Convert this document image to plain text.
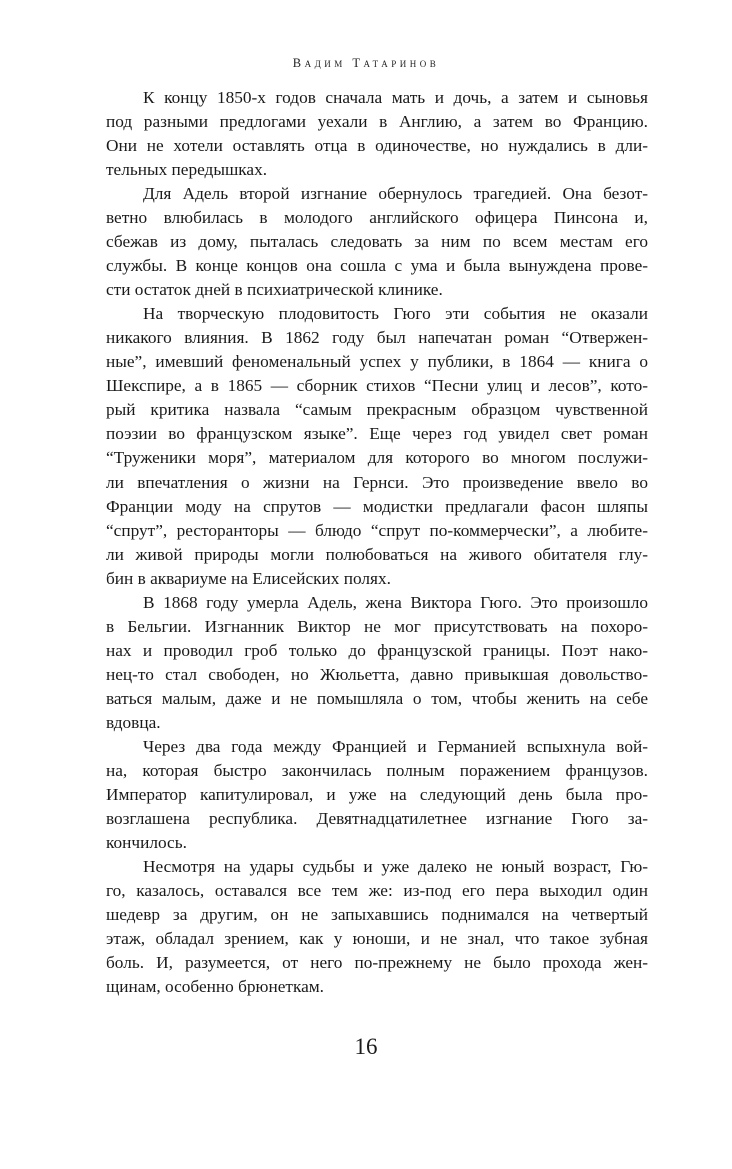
Вадим Татаринов
К концу 1850-х годов сначала мать и дочь, а затем и сыновья
под разными предлогами уехали в Англию, а затем во Францию.
Они не хотели оставлять отца в одиночестве, но нуждались в дли-
тельных передышках.
Для Адель второй изгнание обернулось трагедией. Она безот-
ветно влюбилась в молодого английского офицера Пинсона и,
сбежав из дому, пыталась следовать за ним по всем местам его
службы. В конце концов она сошла с ума и была вынуждена прове-
сти остаток дней в психиатрической клинике.
На творческую плодовитость Гюго эти события не оказали
никакого влияния. В 1862 году был напечатан роман “Отвержен-
ные”, имевший феноменальный успех у публики, в 1864 — книга о
Шекспире, а в 1865 — сборник стихов “Песни улиц и лесов”, кото-
рый критика назвала “самым прекрасным образцом чувственной
поэзии во французском языке”. Еще через год увидел свет роман
“Труженики моря”, материалом для которого во многом послужи-
ли впечатления о жизни на Гернси. Это произведение ввело во
Франции моду на спрутов — модистки предлагали фасон шляпы
“спрут”, ресторанторы — блюдо “спрут по-коммерчески”, а любите-
ли живой природы могли полюбоваться на живого обитателя глу-
бин в аквариуме на Елисейских полях.
В 1868 году умерла Адель, жена Виктора Гюго. Это произошло
в Бельгии. Изгнанник Виктор не мог присутствовать на похоро-
нах и проводил гроб только до французской границы. Поэт нако-
нец-то стал свободен, но Жюльетта, давно привыкшая довольство-
ваться малым, даже и не помышляла о том, чтобы женить на себе
вдовца.
Через два года между Францией и Германией вспыхнула вой-
на, которая быстро закончилась полным поражением французов.
Император капитулировал, и уже на следующий день была про-
возглашена республика. Девятнадцатилетнее изгнание Гюго за-
кончилось.
Несмотря на удары судьбы и уже далеко не юный возраст, Гю-
го, казалось, оставался все тем же: из-под его пера выходил один
шедевр за другим, он не запыхавшись поднимался на четвертый
этаж, обладал зрением, как у юноши, и не знал, что такое зубная
боль. И, разумеется, от него по-прежнему не было прохода жен-
щинам, особенно брюнеткам.
16
